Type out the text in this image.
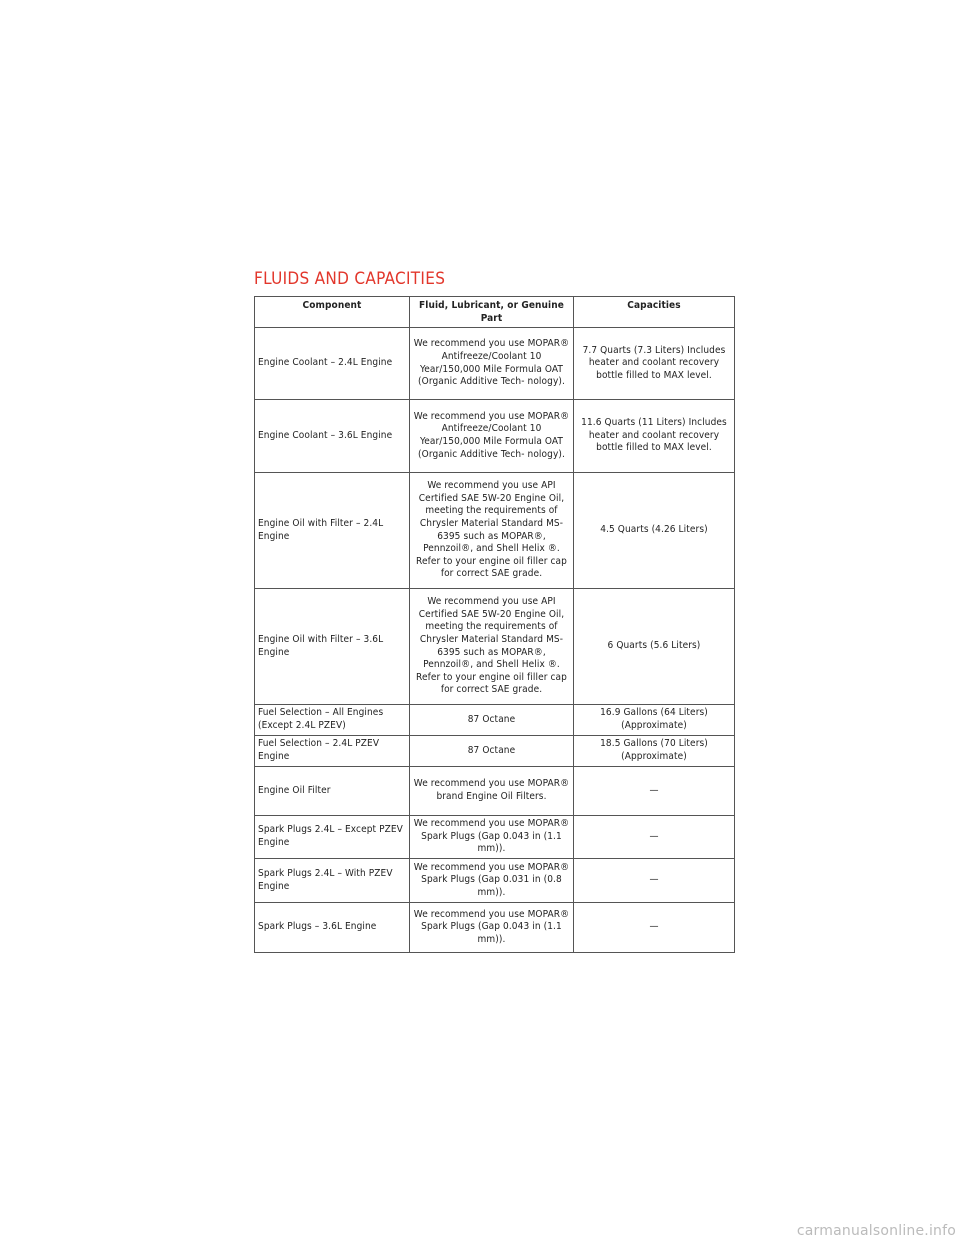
FLUIDS AND CAPACITIES
Component	Fluid, Lubricant, or Genuine Part	Capacities
Engine Coolant – 2.4L Engine	We recommend you use MOPAR® Antifreeze/Coolant 10 Year/150,000 Mile Formula OAT (Organic Additive Tech- nology).	7.7 Quarts (7.3 Liters) Includes heater and coolant recovery bottle filled to MAX level.
Engine Coolant – 3.6L Engine	We recommend you use MOPAR® Antifreeze/Coolant 10 Year/150,000 Mile Formula OAT (Organic Additive Tech- nology).	11.6 Quarts (11 Liters) Includes heater and coolant recovery bottle filled to MAX level.
Engine Oil with Filter – 2.4L Engine	We recommend you use API Certified SAE 5W-20 Engine Oil, meeting the requirements of Chrysler Material Standard MS- 6395 such as MOPAR®, Pennzoil®, and Shell Helix ®. Refer to your engine oil filler cap for correct SAE grade.	4.5 Quarts (4.26 Liters)
Engine Oil with Filter – 3.6L Engine	We recommend you use API Certified SAE 5W-20 Engine Oil, meeting the requirements of Chrysler Material Standard MS- 6395 such as MOPAR®, Pennzoil®, and Shell Helix ®. Refer to your engine oil filler cap for correct SAE grade.	6 Quarts (5.6 Liters)
Fuel Selection – All Engines (Except 2.4L PZEV)	87 Octane	16.9 Gallons (64 Liters) (Approximate)
Fuel Selection – 2.4L PZEV Engine	87 Octane	18.5 Gallons (70 Liters) (Approximate)
Engine Oil Filter	We recommend you use MOPAR® brand Engine Oil Filters.	—
Spark Plugs 2.4L – Except PZEV Engine	We recommend you use MOPAR® Spark Plugs (Gap 0.043 in (1.1 mm)).	—
Spark Plugs 2.4L – With PZEV Engine	We recommend you use MOPAR® Spark Plugs (Gap 0.031 in (0.8 mm)).	—
Spark Plugs – 3.6L Engine	We recommend you use MOPAR® Spark Plugs (Gap 0.043 in (1.1 mm)).	—
carmanualsonline.info
